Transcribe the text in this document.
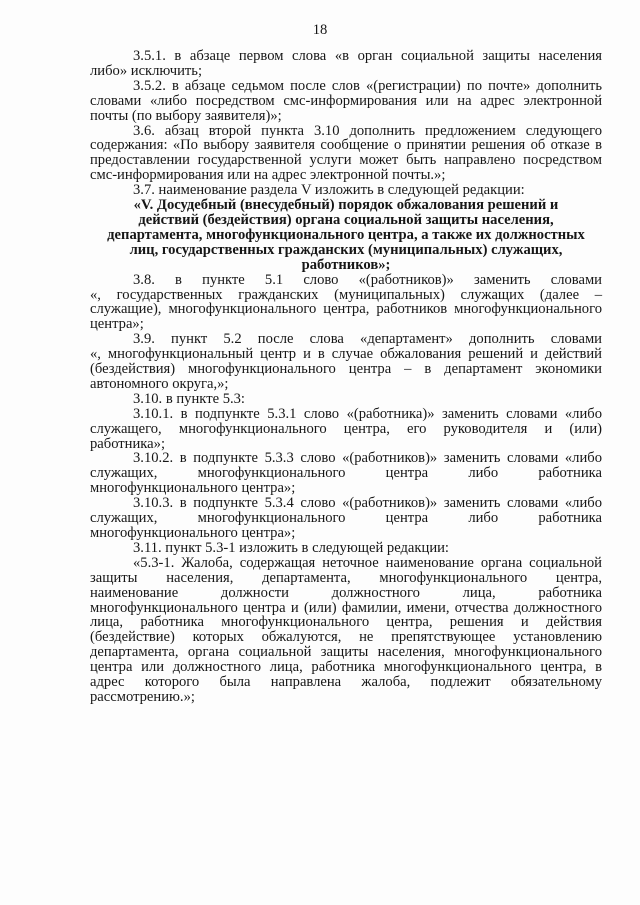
18
3.5.1. в абзаце первом слова «в орган социальной защиты населения
либо» исключить;
3.5.2. в абзаце седьмом после слов «(регистрации) по почте» дополнить
словами «либо посредством смс-информирования или на адрес электронной
почты (по выбору заявителя)»;
3.6. абзац второй пункта 3.10 дополнить предложением следующего
содержания: «По выбору заявителя сообщение о принятии решения об отказе в
предоставлении государственной услуги может быть направлено посредством
смс-информирования или на адрес электронной почты.»;
3.7. наименование раздела V изложить в следующей редакции:
«V. Досудебный (внесудебный) порядок обжалования решений и
действий (бездействия) органа социальной защиты населения,
департамента, многофункционального центра, а также их должностных
лиц, государственных гражданских (муниципальных) служащих,
работников»;
3.8. в пункте 5.1 слово «(работников)» заменить словами
«, государственных гражданских (муниципальных) служащих (далее –
служащие), многофункционального центра, работников многофункционального
центра»;
3.9. пункт 5.2 после слова «департамент» дополнить словами
«, многофункциональный центр и в случае обжалования решений и действий
(бездействия) многофункционального центра – в департамент экономики
автономного округа,»;
3.10. в пункте 5.3:
3.10.1. в подпункте 5.3.1 слово «(работника)» заменить словами «либо
служащего, многофункционального центра, его руководителя и (или)
работника»;
3.10.2. в подпункте 5.3.3 слово «(работников)» заменить словами «либо
служащих, многофункционального центра либо работника
многофункционального центра»;
3.10.3. в подпункте 5.3.4 слово «(работников)» заменить словами «либо
служащих, многофункционального центра либо работника
многофункционального центра»;
3.11. пункт 5.3-1 изложить в следующей редакции:
«5.3-1. Жалоба, содержащая неточное наименование органа социальной
защиты населения, департамента, многофункционального центра,
наименование должности должностного лица, работника
многофункционального центра и (или) фамилии, имени, отчества должностного
лица, работника многофункционального центра, решения и действия
(бездействие) которых обжалуются, не препятствующее установлению
департамента, органа социальной защиты населения, многофункционального
центра или должностного лица, работника многофункционального центра, в
адрес которого была направлена жалоба, подлежит обязательному
рассмотрению.»;
